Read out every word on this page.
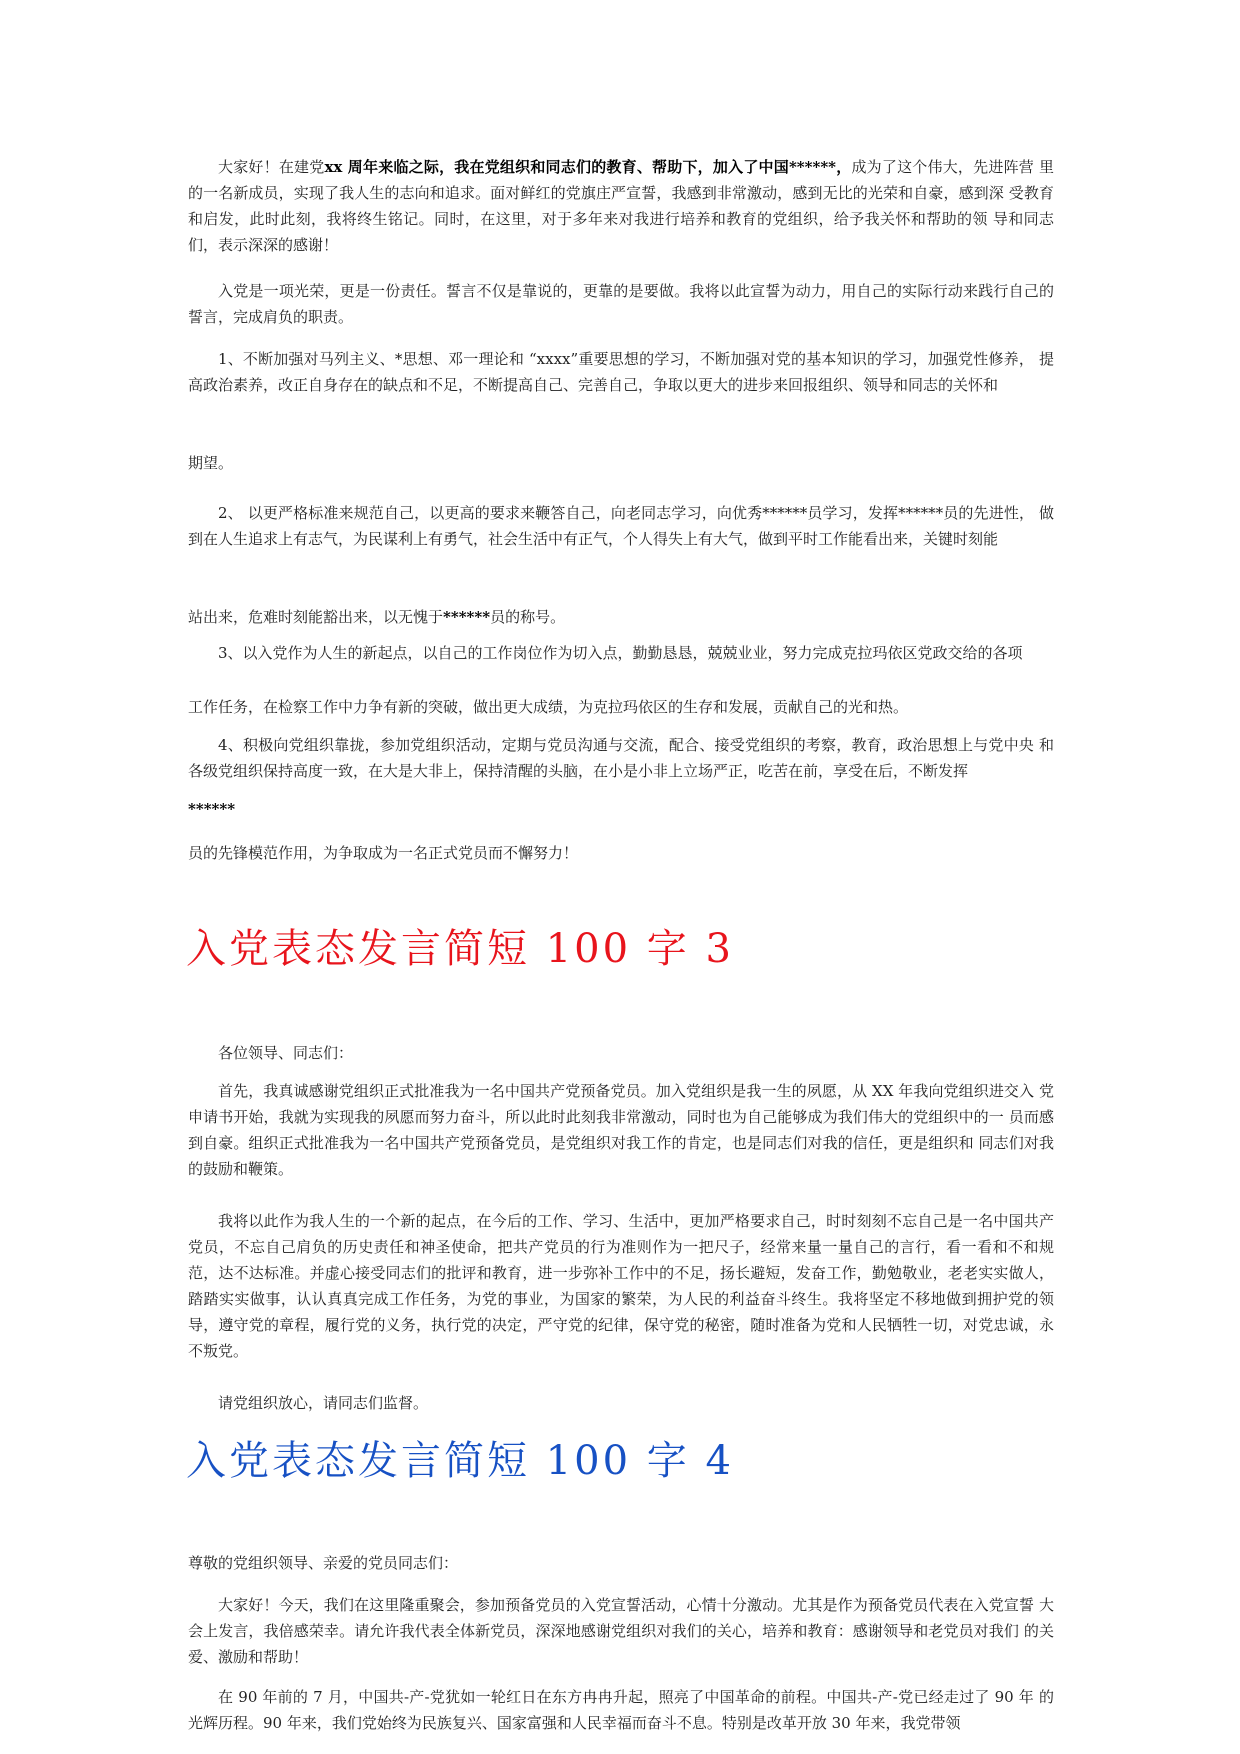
大家好！在建党xx 周年来临之际，我在党组织和同志们的教育、帮助下，加入了中国******，成为了这个伟大，先进阵营 里的一名新成员，实现了我人生的志向和追求。面对鲜红的党旗庄严宣誓，我感到非常激动，感到无比的光荣和自豪，感到深 受教育和启发，此时此刻，我将终生铭记。同时，在这里，对于多年来对我进行培养和教育的党组织，给予我关怀和帮助的领 导和同志们，表示深深的感谢！

入党是一项光荣，更是一份责任。誓言不仅是靠说的，更靠的是要做。我将以此宣誓为动力，用自己的实际行动来践行自己的誓言，完成肩负的职责。

1、不断加强对马列主义、*思想、邓一理论和 “xxxx”重要思想的学习，不断加强对党的基本知识的学习，加强党性修养， 提高政治素养，改正自身存在的缺点和不足，不断提高自己、完善自己，争取以更大的进步来回报组织、领导和同志的关怀和

期望。

2、 以更严格标准来规范自己，以更高的要求来鞭答自己，向老同志学习，向优秀******员学习，发挥******员的先进性， 做到在人生追求上有志气，为民谋利上有勇气，社会生活中有正气，个人得失上有大气，做到平时工作能看出来，关键时刻能

站出来，危难时刻能豁出来，以无愧于******员的称号。

3、以入党作为人生的新起点，以自己的工作岗位作为切入点，勤勤恳恳，兢兢业业，努力完成克拉玛依区党政交给的各项

工作任务，在检察工作中力争有新的突破，做出更大成绩，为克拉玛依区的生存和发展，贡献自己的光和热。

4、积极向党组织靠拢，参加党组织活动，定期与党员沟通与交流，配合、接受党组织的考察，教育，政治思想上与党中央 和各级党组织保持高度一致，在大是大非上，保持清醒的头脑，在小是小非上立场严正，吃苦在前，享受在后，不断发挥

******

员的先锋模范作用，为争取成为一名正式党员而不懈努力！

入党表态发言简短 100 字 3

各位领导、同志们：

首先，我真诚感谢党组织正式批准我为一名中国共产党预备党员。加入党组织是我一生的夙愿，从 XX 年我向党组织进交入 党申请书开始，我就为实现我的夙愿而努力奋斗，所以此时此刻我非常激动，同时也为自己能够成为我们伟大的党组织中的一 员而感到自豪。组织正式批准我为一名中国共产党预备党员，是党组织对我工作的肯定，也是同志们对我的信任，更是组织和 同志们对我的鼓励和鞭策。

我将以此作为我人生的一个新的起点，在今后的工作、学习、生活中，更加严格要求自己，时时刻刻不忘自己是一名中国共产党员，不忘自己肩负的历史责任和神圣使命，把共产党员的行为准则作为一把尺子，经常来量一量自己的言行，看一看和不和规范，达不达标准。并虚心接受同志们的批评和教育，进一步弥补工作中的不足，扬长避短，发奋工作，勤勉敬业，老老实实做人，踏踏实实做事，认认真真完成工作任务，为党的事业，为国家的繁荣，为人民的利益奋斗终生。我将坚定不移地做到拥护党的领导，遵守党的章程，履行党的义务，执行党的决定，严守党的纪律，保守党的秘密，随时准备为党和人民牺牲一切，对党忠诚，永不叛党。

请党组织放心，请同志们监督。

入党表态发言简短 100 字 4

尊敬的党组织领导、亲爱的党员同志们：

大家好！今天，我们在这里隆重聚会，参加预备党员的入党宣誓活动，心情十分激动。尤其是作为预备党员代表在入党宣誓 大会上发言，我倍感荣幸。请允许我代表全体新党员，深深地感谢党组织对我们的关心，培养和教育：感谢领导和老党员对我们 的关爱、激励和帮助！

在 90 年前的 7 月，中国共-产-党犹如一轮红日在东方冉冉升起，照亮了中国革命的前程。中国共-产-党已经走过了 90 年 的光辉历程。90 年来，我们党始终为民族复兴、国家富强和人民幸福而奋斗不息。特别是改革开放 30 年来，我党带领
